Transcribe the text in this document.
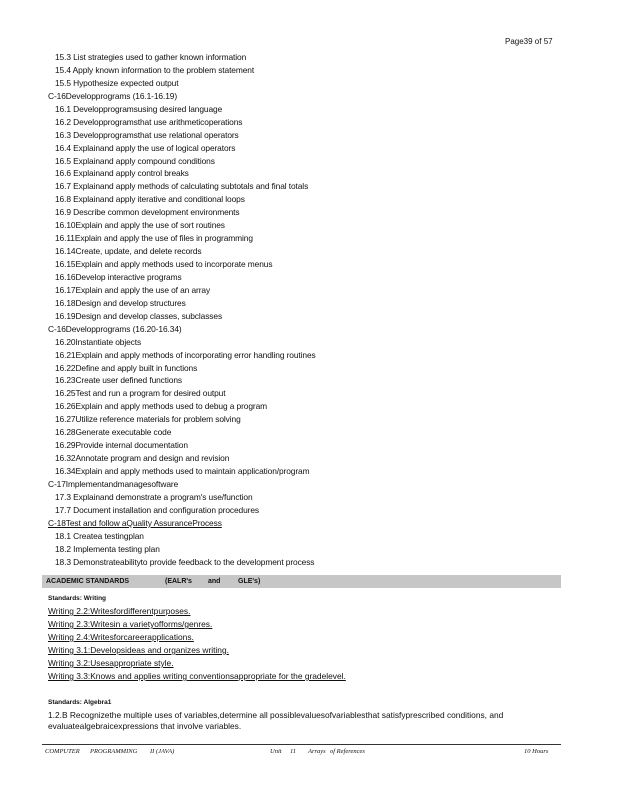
Page39 of 57
15.3 List strategies used to gather known information
15.4 Apply known information to the problem statement
15.5 Hypothesize expected output
C-16Developprograms (16.1-16.19)
16.1 Developprogramsusing desired language
16.2 Developprogramsthat use arithmeticoperations
16.3 Developprogramsthat use relational operators
16.4 Explainand apply the use of logical operators
16.5 Explainand apply compound conditions
16.6 Explainand apply control breaks
16.7 Explainand apply methods of calculating subtotals and final totals
16.8 Explainand apply iterative and conditional loops
16.9 Describe common development environments
16.10Explain and apply the use of sort routines
16.11Explain and apply the use of files in programming
16.14Create, update, and delete records
16.15Explain and apply methods used to incorporate menus
16.16Develop interactive programs
16.17Explain and apply the use of an array
16.18Design and develop structures
16.19Design and develop classes, subclasses
C-16Developprograms (16.20-16.34)
16.20Instantiate objects
16.21Explain and apply methods of incorporating error handling routines
16.22Define and apply built in functions
16.23Create user defined functions
16.25Test and run a program for desired output
16.26Explain and apply methods used to debug a program
16.27Utilize reference materials for problem solving
16.28Generate executable code
16.29Provide internal documentation
16.32Annotate program and design and revision
16.34Explain and apply methods used to maintain application/program
C-17Implementandmanagesoftware
17.3 Explainand demonstrate a program's use/function
17.7 Document installation and configuration procedures
C-18Test and follow aQuality AssuranceProcess
18.1 Createa testingplan
18.2 Implementa testing plan
18.3 Demonstrateabilityto provide feedback to the development process
ACADEMIC STANDARDS	(EALR's and	GLE's)
Standards: Writing
Writing 2.2:Writesfordifferentpurposes.
Writing 2.3:Writesin a varietyofforms/genres.
Writing 2.4:Writesforcareerapplications.
Writing 3.1:Developsideas and organizes writing.
Writing 3.2:Usesappropriate style.
Writing 3.3:Knows and applies writing conventionsappropriate for the gradelevel.
Standards: Algebra1
1.2.B Recognizethe multiple uses of variables,determine all possiblevaluesofvariablesthat satisfyprescribed conditions, and evaluatealgebraicexpressions that involve variables.
COMPUTER PROGRAMMING II (JAVA)	Unit 11 Arrays of References	10 Hours
